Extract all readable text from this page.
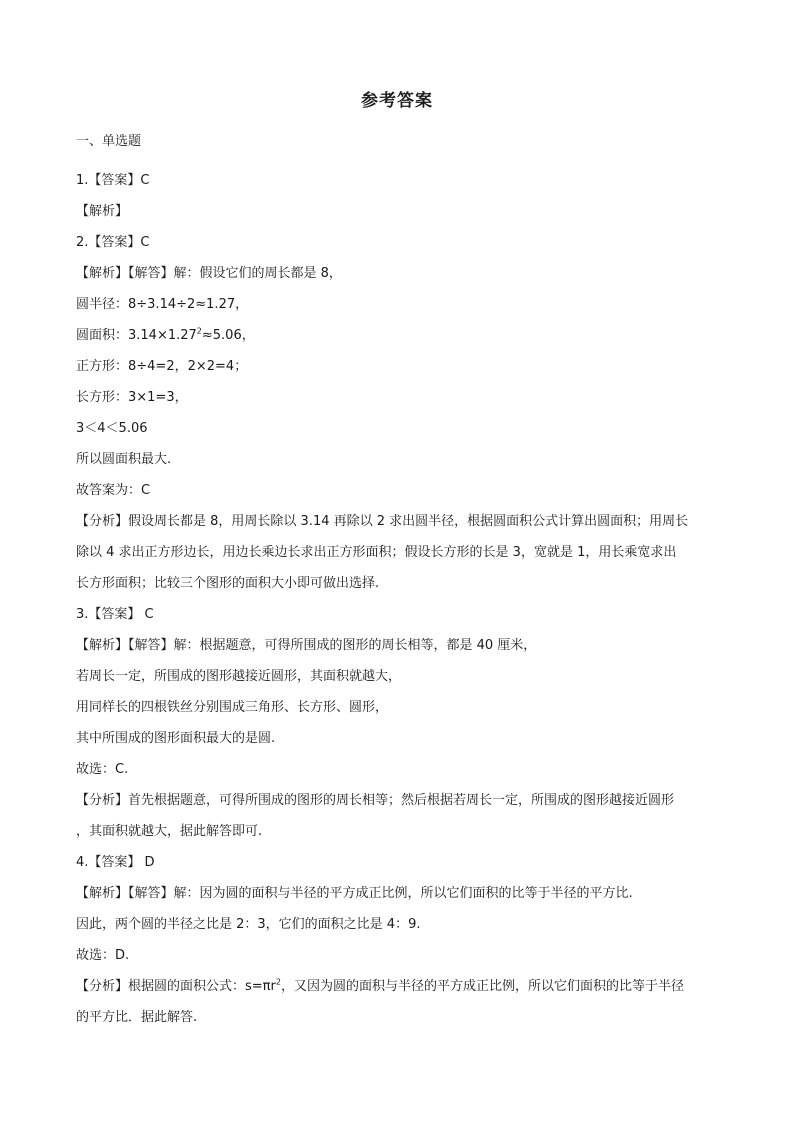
参考答案
一、单选题
1.【答案】C
【解析】
2.【答案】C
【解析】【解答】解：假设它们的周长都是 8，
圆半径：8÷3.14÷2≈1.27，
圆面积：$3.14\times 1.27^2\approx 5.06$，
正方形：8÷4=2，2×2=4；
长方形：3×1=3，
3＜4＜5.06
所以圆面积最大.
故答案为：C
【分析】假设周长都是 8，用周长除以 3.14 再除以 2 求出圆半径，根据圆面积公式计算出圆面积；用周长
除以 4 求出正方形边长，用边长乘边长求出正方形面积；假设长方形的长是 3，宽就是 1，用长乘宽求出
长方形面积；比较三个图形的面积大小即可做出选择.
3.【答案】 C
【解析】【解答】解：根据题意，可得所围成的图形的周长相等，都是 40 厘米，
若周长一定，所围成的图形越接近圆形，其面积就越大，
用同样长的四根铁丝分别围成三角形、长方形、圆形，
其中所围成的图形面积最大的是圆.
故选：C.
【分析】首先根据题意，可得所围成的图形的周长相等；然后根据若周长一定，所围成的图形越接近圆形
，其面积就越大，据此解答即可.
4.【答案】 D
【解析】【解答】解：因为圆的面积与半径的平方成正比例，所以它们面积的比等于半径的平方比.
因此，两个圆的半径之比是 2：3，它们的面积之比是 4：9.
故选：D.
【分析】根据圆的面积公式：$s=\pi r^2$，又因为圆的面积与半径的平方成正比例，所以它们面积的比等于半径
的平方比．据此解答.
